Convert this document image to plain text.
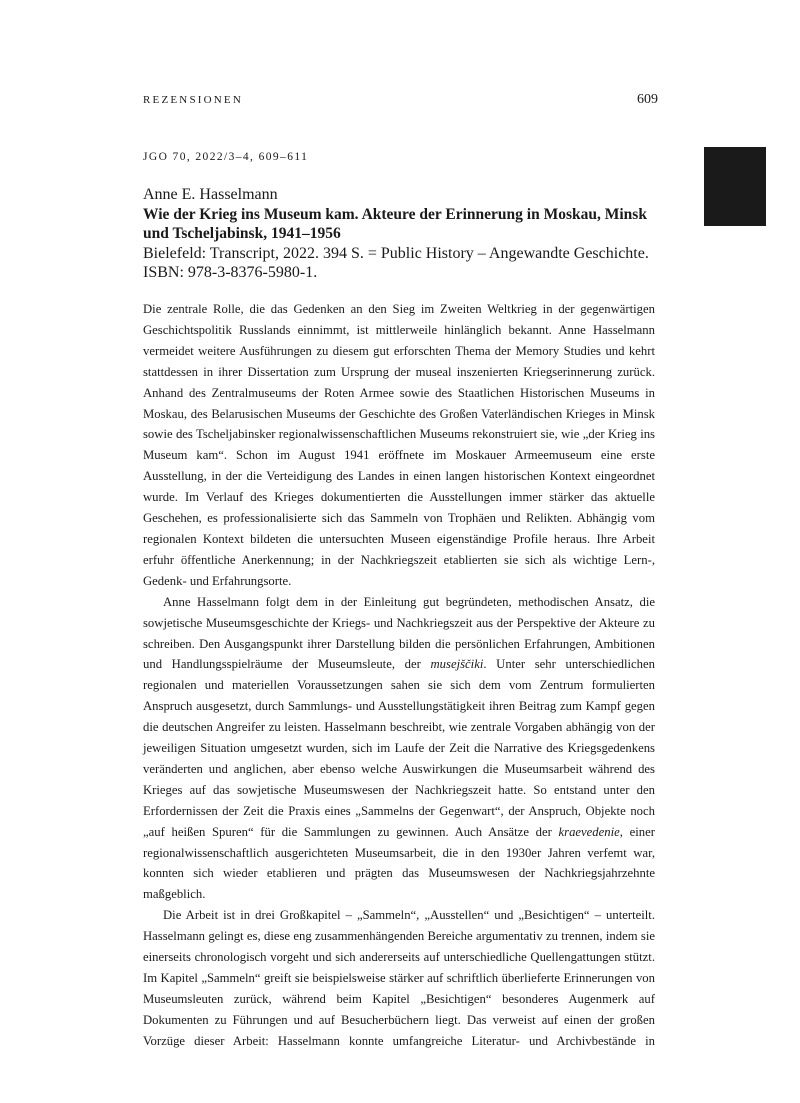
REZENSIONEN	609
JGO 70, 2022/3–4, 609–611
Anne E. Hasselmann
Wie der Krieg ins Museum kam. Akteure der Erinnerung in Moskau, Minsk und Tscheljabinsk, 1941–1956
Bielefeld: Transcript, 2022. 394 S. = Public History – Angewandte Geschichte.
ISBN: 978-3-8376-5980-1.

Die zentrale Rolle, die das Gedenken an den Sieg im Zweiten Weltkrieg in der gegenwärtigen Geschichtspolitik Russlands einnimmt, ist mittlerweile hinlänglich bekannt. Anne Hasselmann vermeidet weitere Ausführungen zu diesem gut erforschten Thema der Memory Studies und kehrt stattdessen in ihrer Dissertation zum Ursprung der museal inszenierten Kriegserinnerung zurück. Anhand des Zentralmuseums der Roten Armee sowie des Staatlichen Historischen Museums in Moskau, des Belarusischen Museums der Geschichte des Großen Vaterländischen Krieges in Minsk sowie des Tscheljabinsker regionalwissenschaftlichen Museums rekonstruiert sie, wie „der Krieg ins Museum kam“. Schon im August 1941 eröffnete im Moskauer Armeemuseum eine erste Ausstellung, in der die Verteidigung des Landes in einen langen historischen Kontext eingeordnet wurde. Im Verlauf des Krieges dokumentierten die Ausstellungen immer stärker das aktuelle Geschehen, es professionalisierte sich das Sammeln von Trophäen und Relikten. Abhängig vom regionalen Kontext bildeten die untersuchten Museen eigenständige Profile heraus. Ihre Arbeit erfuhr öffentliche Anerkennung; in der Nachkriegszeit etablierten sie sich als wichtige Lern-, Gedenk- und Erfahrungsorte.

Anne Hasselmann folgt dem in der Einleitung gut begründeten, methodischen Ansatz, die sowjetische Museumsgeschichte der Kriegs- und Nachkriegszeit aus der Perspektive der Akteure zu schreiben. Den Ausgangspunkt ihrer Darstellung bilden die persönlichen Erfahrungen, Ambitionen und Handlungsspielräume der Museumsleute, der musejščiki. Unter sehr unterschiedlichen regionalen und materiellen Voraussetzungen sahen sie sich dem vom Zentrum formulierten Anspruch ausgesetzt, durch Sammlungs- und Ausstellungstätigkeit ihren Beitrag zum Kampf gegen die deutschen Angreifer zu leisten. Hasselmann beschreibt, wie zentrale Vorgaben abhängig von der jeweiligen Situation umgesetzt wurden, sich im Laufe der Zeit die Narrative des Kriegsgedenkens veränderten und anglichen, aber ebenso welche Auswirkungen die Museumsarbeit während des Krieges auf das sowjetische Museumswesen der Nachkriegszeit hatte. So entstand unter den Erfordernissen der Zeit die Praxis eines „Sammelns der Gegenwart“, der Anspruch, Objekte noch „auf heißen Spuren“ für die Sammlungen zu gewinnen. Auch Ansätze der kraevedenie, einer regionalwissenschaftlich ausgerichteten Museumsarbeit, die in den 1930er Jahren verfemt war, konnten sich wieder etablieren und prägten das Museumswesen der Nachkriegsjahrzehnte maßgeblich.

Die Arbeit ist in drei Großkapitel – „Sammeln“, „Ausstellen“ und „Besichtigen“ – unterteilt. Hasselmann gelingt es, diese eng zusammenhängenden Bereiche argumentativ zu trennen, indem sie einerseits chronologisch vorgeht und sich andererseits auf unterschiedliche Quellengattungen stützt. Im Kapitel „Sammeln“ greift sie beispielsweise stärker auf schriftlich überlieferte Erinnerungen von Museumsleuten zurück, während beim Kapitel „Besichtigen“ besonderes Augenmerk auf Dokumenten zu Führungen und auf Besucherbüchern liegt. Das verweist auf einen der großen Vorzüge dieser Arbeit: Hasselmann konnte umfangreiche Literatur- und Archivbestände in
